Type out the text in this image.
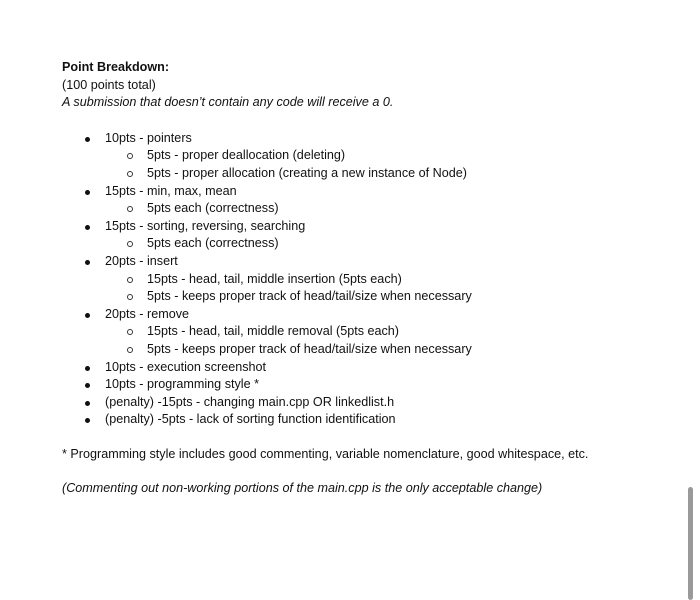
Point Breakdown:
(100 points total)
A submission that doesn’t contain any code will receive a 0.
10pts - pointers
5pts - proper deallocation (deleting)
5pts - proper allocation (creating a new instance of Node)
15pts - min, max, mean
5pts each (correctness)
15pts - sorting, reversing, searching
5pts each (correctness)
20pts - insert
15pts - head, tail, middle insertion (5pts each)
5pts - keeps proper track of head/tail/size when necessary
20pts - remove
15pts - head, tail, middle removal (5pts each)
5pts - keeps proper track of head/tail/size when necessary
10pts - execution screenshot
10pts - programming style *
(penalty) -15pts - changing main.cpp OR linkedlist.h
(penalty) -5pts - lack of sorting function identification
* Programming style includes good commenting, variable nomenclature, good whitespace, etc.
(Commenting out non-working portions of the main.cpp is the only acceptable change)
